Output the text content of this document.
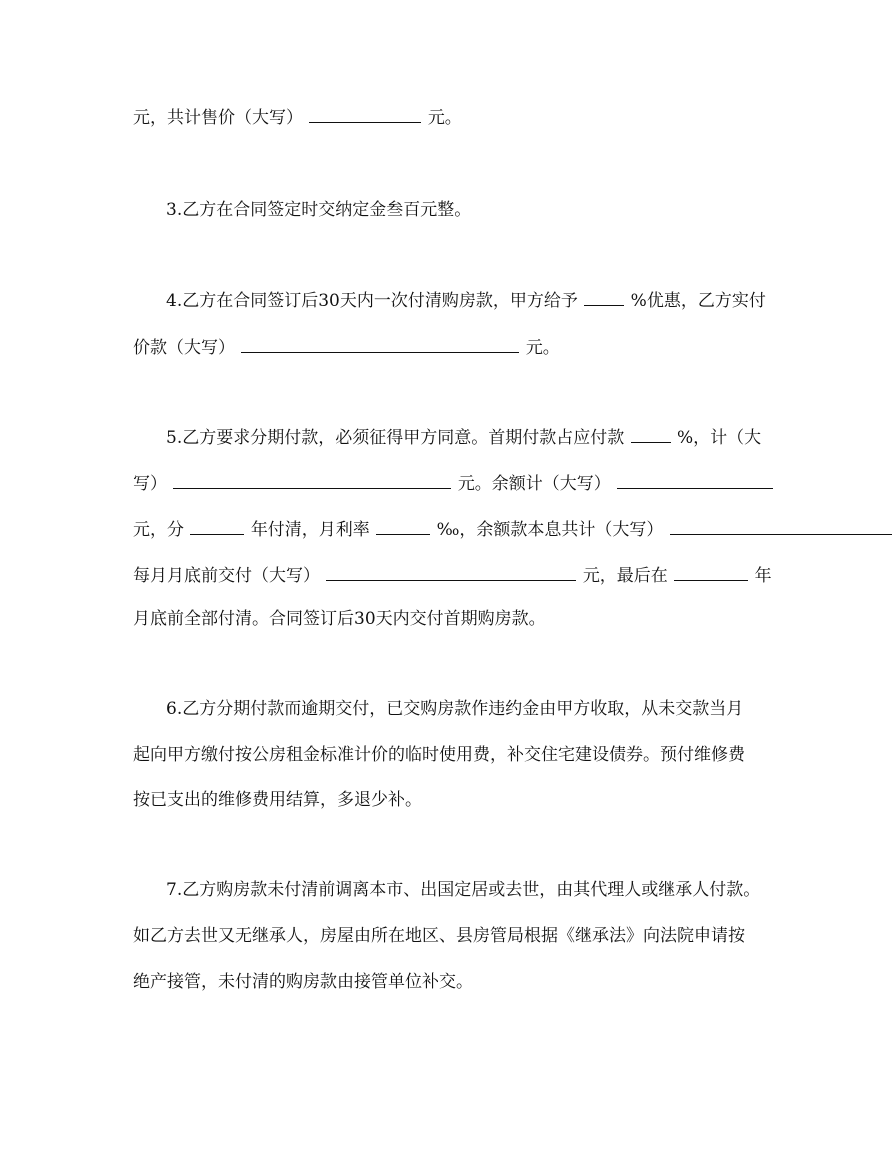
元，共计售价（大写）	元。

3.乙方在合同签定时交纳定金叁百元整。

4.乙方在合同签订后30天内一次付清购房款，甲方给予	%优惠，乙方实付

价款（大写）	元。

5.乙方要求分期付款，必须征得甲方同意。首期付款占应付款	%，计（大

写）	元。余额计（大写）

元，分	年付清，月利率	‰，余额款本息共计（大写）

每月月底前交付（大写）	元，最后在	年

月底前全部付清。合同签订后30天内交付首期购房款。

6.乙方分期付款而逾期交付，已交购房款作违约金由甲方收取，从未交款当月

起向甲方缴付按公房租金标准计价的临时使用费，补交住宅建设债券。预付维修费

按已支出的维修费用结算，多退少补。

7.乙方购房款未付清前调离本市、出国定居或去世，由其代理人或继承人付款。

如乙方去世又无继承人，房屋由所在地区、县房管局根据《继承法》向法院申请按

绝产接管，未付清的购房款由接管单位补交。
